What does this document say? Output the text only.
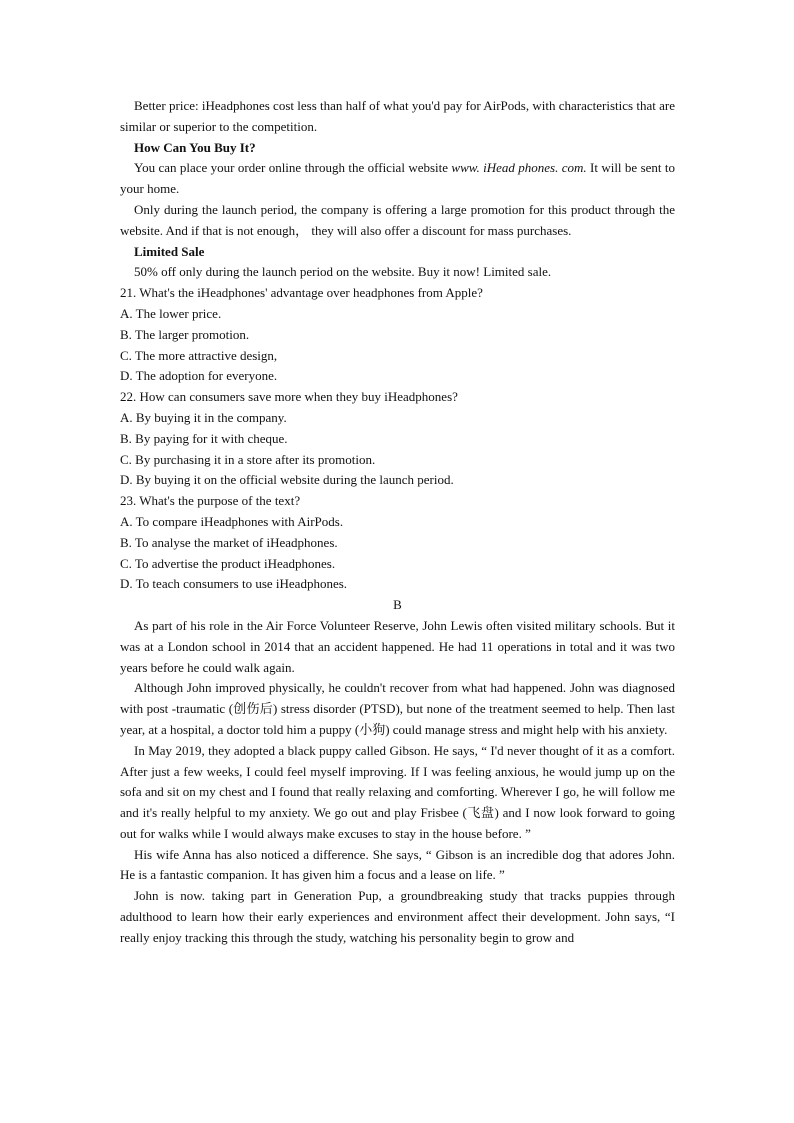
Better price: iHeadphones cost less than half of what you'd pay for AirPods, with characteristics that are similar or superior to the competition.

How Can You Buy It?

You can place your order online through the official website www. iHead phones. com. It will be sent to your home.

Only during the launch period, the company is offering a large promotion for this product through the website. And if that is not enough， they will also offer a discount for mass purchases.

Limited Sale

50% off only during the launch period on the website. Buy it now! Limited sale.

21. What's the iHeadphones' advantage over headphones from Apple?

A. The lower price.

B. The larger promotion.

C. The more attractive design,

D. The adoption for everyone.

22. How can consumers save more when they buy iHeadphones?

A. By buying it in the company.

B. By paying for it with cheque.

C. By purchasing it in a store after its promotion.

D. By buying it on the official website during the launch period.

23. What's the purpose of the text?

A. To compare iHeadphones with AirPods.

B. To analyse the market of iHeadphones.

C. To advertise the product iHeadphones.

D. To teach consumers to use iHeadphones.

B

As part of his role in the Air Force Volunteer Reserve, John Lewis often visited military schools. But it was at a London school in 2014 that an accident happened. He had 11 operations in total and it was two years before he could walk again.

Although John improved physically, he couldn't recover from what had happened. John was diagnosed with post -traumatic (创伤后) stress disorder (PTSD), but none of the treatment seemed to help. Then last year, at a hospital, a doctor told him a puppy (小狗) could manage stress and might help with his anxiety.

In May 2019, they adopted a black puppy called Gibson. He says, “ I'd never thought of it as a comfort. After just a few weeks, I could feel myself improving. If I was feeling anxious, he would jump up on the sofa and sit on my chest and I found that really relaxing and comforting. Wherever I go, he will follow me and it's really helpful to my anxiety. We go out and play Frisbee (飞盘) and I now look forward to going out for walks while I would always make excuses to stay in the house before. ”

His wife Anna has also noticed a difference. She says, “ Gibson is an incredible dog that adores John. He is a fantastic companion. It has given him a focus and a lease on life. ”

John is now. taking part in Generation Pup, a groundbreaking study that tracks puppies through adulthood to learn how their early experiences and environment affect their development. John says, “I really enjoy tracking this through the study, watching his personality begin to grow and
